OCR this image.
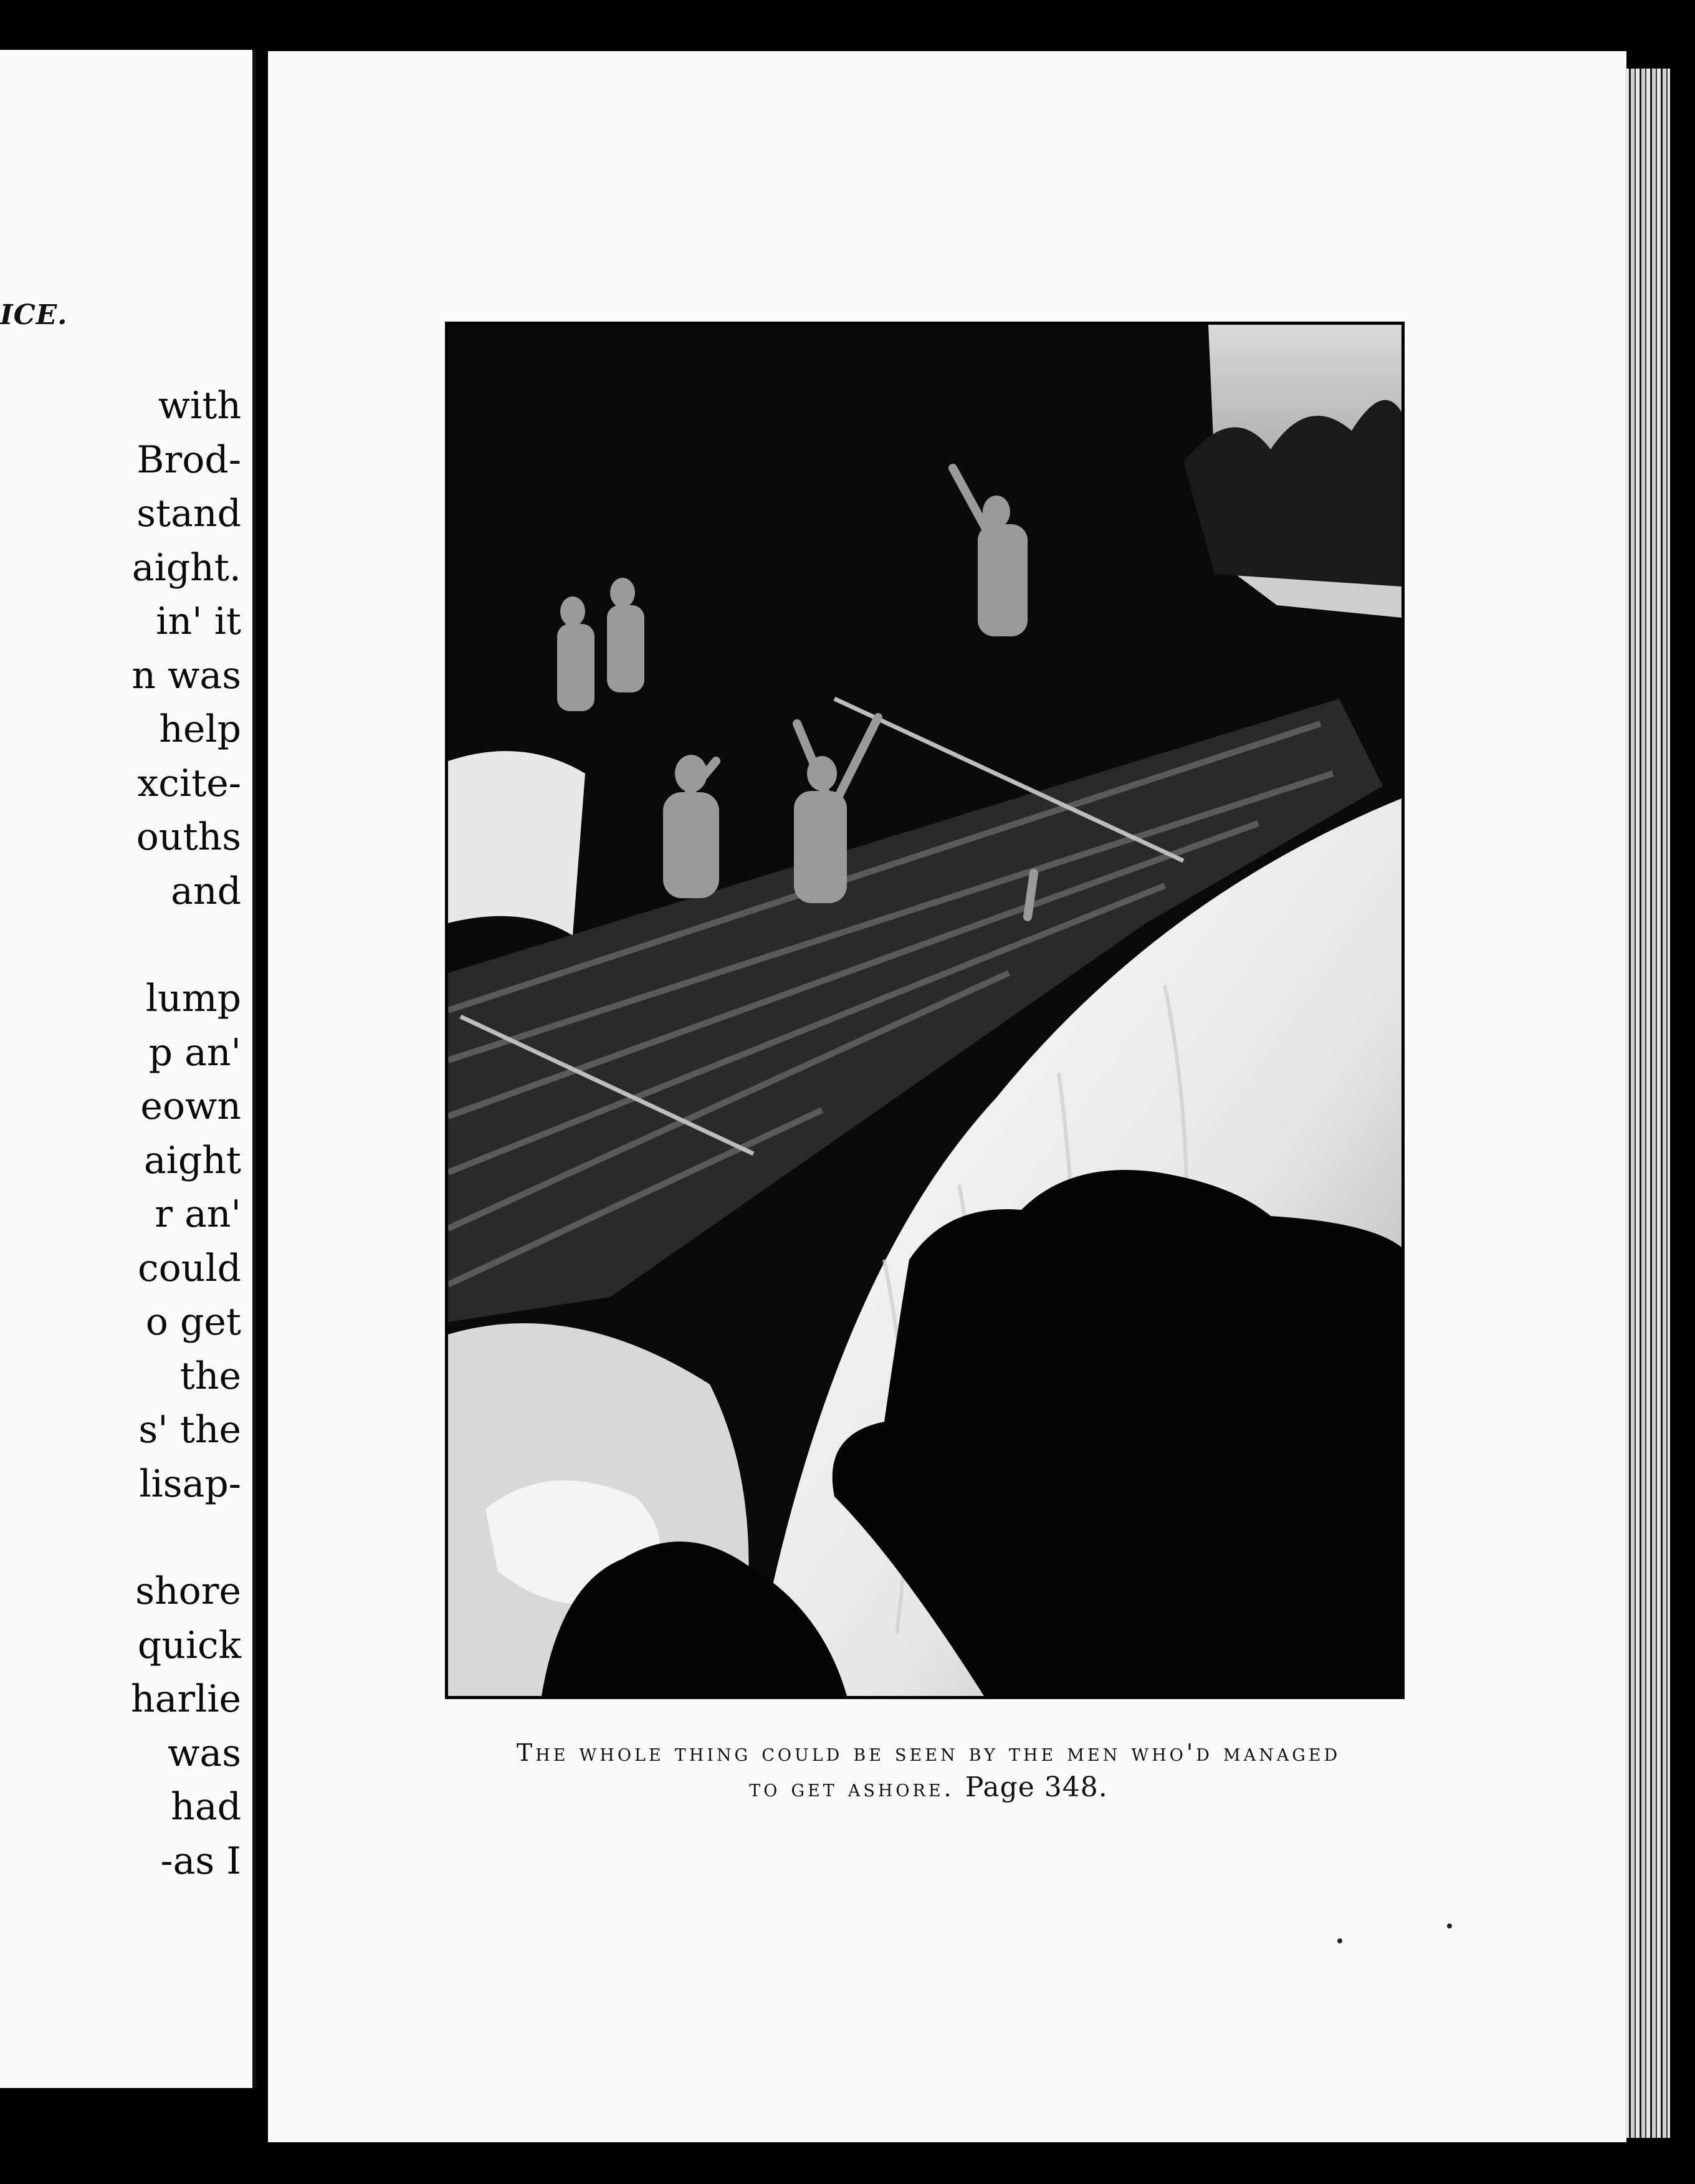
ICE.
with
Brod-
stand
aight.
in' it
n was
help
xcite-
ouths
and
lump
p an'
eown
aight
r an'
could
o get
the
s' the
lisap-
shore
quick
harlie
was
had
-as I
The whole thing could be seen by the men who'd managed
to get ashore. Page 348.
